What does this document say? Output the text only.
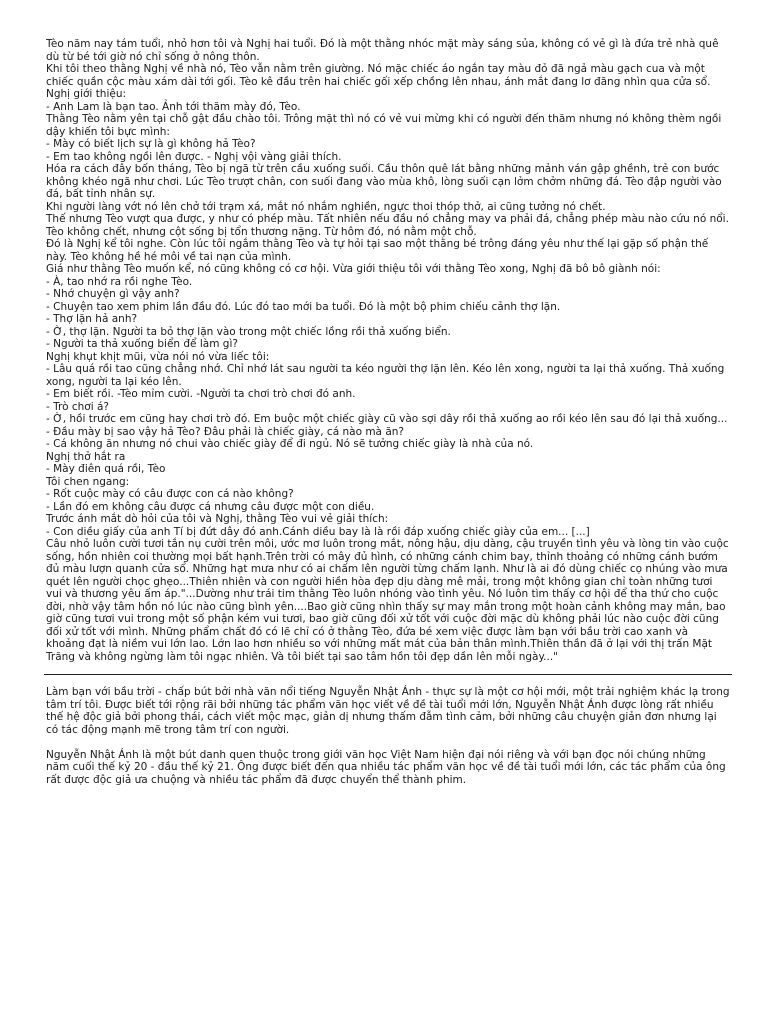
Tèo năm nay tám tuổi, nhỏ hơn tôi và Nghị hai tuổi. Đó là một thằng nhóc mặt mày sáng sủa, không có vẻ gì là đứa trẻ nhà quê dù từ bé tới giờ nó chỉ sống ở nông thôn.

Khi tôi theo thằng Nghị về nhà nó, Tèo vẫn nằm trên giường. Nó mặc chiếc áo ngắn tay màu đỏ đã ngả màu gạch cua và một chiếc quần cộc màu xám dài tới gối. Tèo kê đầu trên hai chiếc gối xếp chồng lên nhau, ánh mắt đang lơ đãng nhìn qua cửa sổ.

Nghị giới thiệu:

- Anh Lam là bạn tao. Ảnh tới thăm mày đó, Tèo.

Thằng Tèo nằm yên tại chỗ gật đầu chào tôi. Trông mặt thì nó có vẻ vui mừng khi có người đến thăm nhưng nó không thèm ngồi dậy khiến tôi bực mình:

- Mày có biết lịch sự là gì không hả Tèo?

- Em tao không ngồi lên được. - Nghị vội vàng giải thích.

Hóa ra cách đây bốn tháng, Tèo bị ngã từ trên cầu xuống suối. Cầu thôn quê lát bằng những mảnh ván gập ghềnh, trẻ con bước không khéo ngã như chơi. Lúc Tèo trượt chân, con suối đang vào mùa khô, lòng suối cạn lởm chởm những đá. Tèo đập người vào đá, bất tỉnh nhân sự.

Khi người làng vớt nó lên chở tới trạm xá, mắt nó nhắm nghiền, ngực thoi thóp thở, ai cũng tưởng nó chết.

Thế nhưng Tèo vượt qua được, y như có phép màu. Tất nhiên nếu đầu nó chẳng may va phải đá, chẳng phép màu nào cứu nó nổi. Tèo không chết, nhưng cột sống bị tổn thương nặng. Từ hôm đó, nó nằm một chỗ.

Đó là Nghị kể tôi nghe. Còn lúc tôi ngắm thằng Tèo và tự hỏi tại sao một thằng bé trông đáng yêu như thế lại gặp số phận thế này. Tèo không hề hé môi về tai nạn của mình.

Giá như thằng Tèo muốn kể, nó cũng không có cơ hội. Vừa giới thiệu tôi với thằng Tèo xong, Nghị đã bô bô giành nói:

- À, tao nhớ ra rồi nghe Tèo.

- Nhớ chuyện gì vậy anh?

- Chuyện tao xem phim lần đầu đó. Lúc đó tao mới ba tuổi. Đó là một bộ phim chiếu cảnh thợ lặn.

- Thợ lặn hả anh?

- Ờ, thợ lặn. Người ta bỏ thợ lặn vào trong một chiếc lồng rồi thả xuống biển.

- Người ta thả xuống biển để làm gì?

Nghị khụt khịt mũi, vừa nói nó vừa liếc tôi:

- Lâu quá rồi tao cũng chẳng nhớ. Chỉ nhớ lát sau người ta kéo người thợ lặn lên. Kéo lên xong, người ta lại thả xuống. Thả xuống xong, người ta lại kéo lên.

- Em biết rồi. -Tèo mỉm cười. -Người ta chơi trò chơi đó anh.

- Trò chơi á?

- Ờ, hồi trước em cũng hay chơi trò đó. Em buộc một chiếc giày cũ vào sợi dây rồi thả xuống ao rồi kéo lên sau đó lại thả xuống...

- Đầu mày bị sao vậy hả Tèo? Đâu phải là chiếc giày, cá nào mà ăn?

- Cá không ăn nhưng nó chui vào chiếc giày để đi ngủ. Nó sẽ tưởng chiếc giày là nhà của nó.

Nghị thở hắt ra

- Mày điên quá rồi, Tèo

Tôi chen ngang:

- Rốt cuộc mày có câu được con cá nào không?

- Lần đó em không câu được cá nhưng câu được một con diều.

Trước ánh mắt dò hỏi của tôi và Nghị, thằng Tèo vui vẻ giải thích:

- Con diều giấy của anh Tí bị đứt dây đó anh.Cánh diều bay là là rồi đáp xuống chiếc giày của em... [...]

Câu nhỏ luôn cười tươi tắn nụ cười trên môi, ước mơ luôn trong mắt, nông hậu, dịu dàng, cậu truyền tình yêu và lòng tin vào cuộc sống, hồn nhiên coi thường mọi bất hạnh.Trên trời có mây đủ hình, có những cánh chim bay, thỉnh thoảng có những cánh bướm đủ màu lượn quanh cửa sổ. Những hạt mưa như có ai chấm lên người từng chấm lạnh. Như là ai đó dùng chiếc cọ nhúng vào mưa quét lên người chọc ghẹo...Thiên nhiên và con người hiền hòa đẹp dịu dàng mê mải, trong một không gian chỉ toàn những tươi vui và thương yêu ấm áp."...Dường như trái tim thằng Tèo luôn nhóng vào tình yêu. Nó luôn tìm thấy cơ hội để tha thứ cho cuộc đời, nhờ vậy tâm hồn nó lúc nào cũng bình yên....Bao giờ cũng nhìn thấy sự may mắn trong một hoàn cảnh không may mắn, bao giờ cũng tươi vui trong một số phận kém vui tươi, bao giờ cũng đối xử tốt với cuộc đời mặc dù không phải lúc nào cuộc đời cũng đối xử tốt với mình. Những phẩm chất đó có lẽ chỉ có ở thằng Tèo, đứa bé xem việc được làm bạn với bầu trời cao xanh và khoảng đạt là niềm vui lớn lao. Lớn lao hơn nhiều so với những mất mát của bản thân mình.Thiên thần đã ở lại với thị trấn Mặt Trăng và không ngừng làm tôi ngạc nhiên. Và tôi biết tại sao tâm hồn tôi đẹp dần lên mỗi ngày..."

Làm bạn với bầu trời - chấp bút bởi nhà văn nổi tiếng Nguyễn Nhật Ánh - thực sự là một cơ hội mới, một trải nghiệm khác lạ trong tâm trí tôi. Được biết tới rộng rãi bởi những tác phẩm văn học viết về đề tài tuổi mới lớn, Nguyễn Nhật Ánh được lòng rất nhiều thế hệ độc giả bởi phong thái, cách viết mộc mạc, giản dị nhưng thấm đẫm tình cảm, bởi những câu chuyện giản đơn nhưng lại có tác động mạnh mẽ trong tâm trí con người.

Nguyễn Nhật Ánh là một bút danh quen thuộc trong giới văn học Việt Nam hiện đại nói riêng và với bạn đọc nói chúng những năm cuối thế kỷ 20 - đầu thế kỷ 21. Ông được biết đến qua nhiều tác phẩm văn học về đề tài tuổi mới lớn, các tác phẩm của ông rất được độc giả ưa chuộng và nhiều tác phẩm đã được chuyển thể thành phim.
